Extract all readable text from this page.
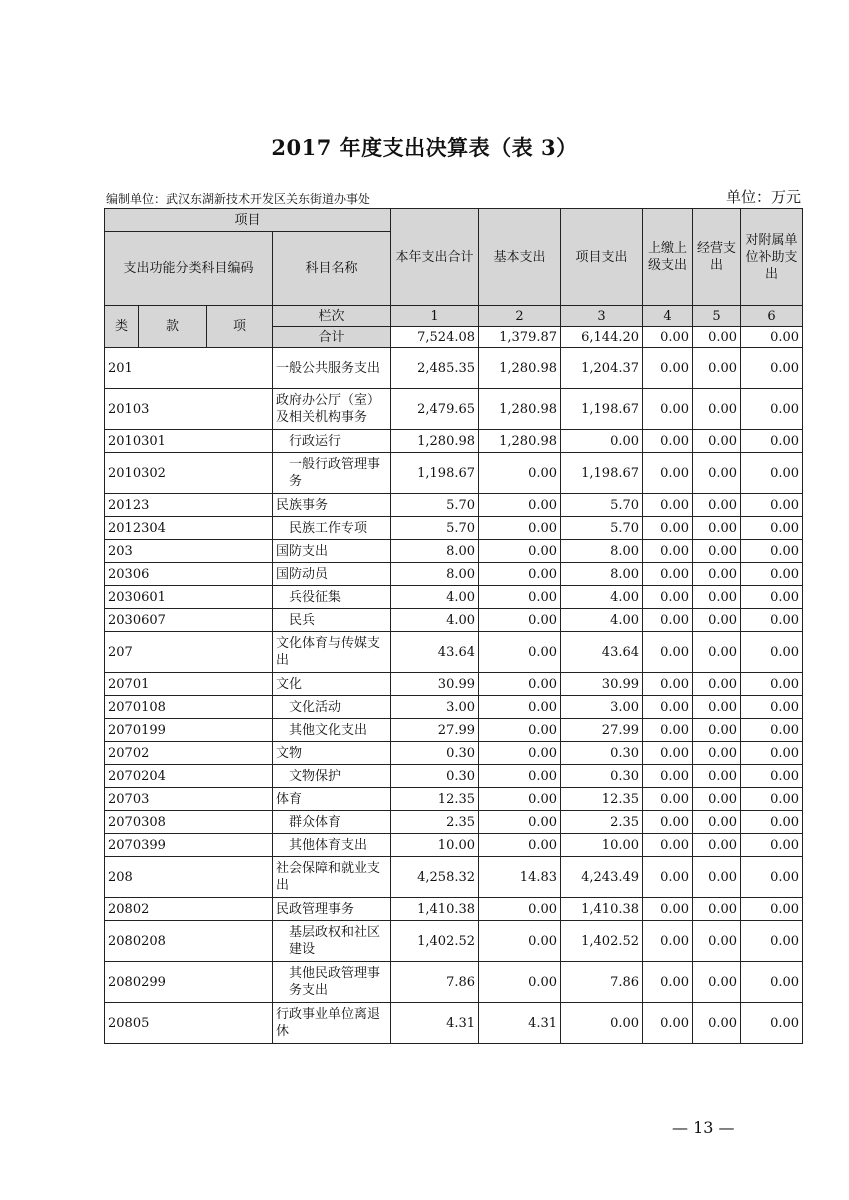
2017 年度支出决算表（表 3）
编制单位：武汉东湖新技术开发区关东街道办事处	单位：万元
项目				本年支出合计	基本支出	项目支出	上缴上级支出	经营支出	对附属单位补助支出
支出功能分类科目编码			科目名称						
类	款	项	栏次	1	2	3	4	5	6
			合计	7,524.08	1,379.87	6,144.20	0.00	0.00	0.00
201			一般公共服务支出	2,485.35	1,280.98	1,204.37	0.00	0.00	0.00
20103			政府办公厅（室）及相关机构事务	2,479.65	1,280.98	1,198.67	0.00	0.00	0.00
2010301			行政运行	1,280.98	1,280.98	0.00	0.00	0.00	0.00
2010302			一般行政管理事务	1,198.67	0.00	1,198.67	0.00	0.00	0.00
20123			民族事务	5.70	0.00	5.70	0.00	0.00	0.00
2012304			民族工作专项	5.70	0.00	5.70	0.00	0.00	0.00
203			国防支出	8.00	0.00	8.00	0.00	0.00	0.00
20306			国防动员	8.00	0.00	8.00	0.00	0.00	0.00
2030601			兵役征集	4.00	0.00	4.00	0.00	0.00	0.00
2030607			民兵	4.00	0.00	4.00	0.00	0.00	0.00
207			文化体育与传媒支出	43.64	0.00	43.64	0.00	0.00	0.00
20701			文化	30.99	0.00	30.99	0.00	0.00	0.00
2070108			文化活动	3.00	0.00	3.00	0.00	0.00	0.00
2070199			其他文化支出	27.99	0.00	27.99	0.00	0.00	0.00
20702			文物	0.30	0.00	0.30	0.00	0.00	0.00
2070204			文物保护	0.30	0.00	0.30	0.00	0.00	0.00
20703			体育	12.35	0.00	12.35	0.00	0.00	0.00
2070308			群众体育	2.35	0.00	2.35	0.00	0.00	0.00
2070399			其他体育支出	10.00	0.00	10.00	0.00	0.00	0.00
208			社会保障和就业支出	4,258.32	14.83	4,243.49	0.00	0.00	0.00
20802			民政管理事务	1,410.38	0.00	1,410.38	0.00	0.00	0.00
2080208			基层政权和社区建设	1,402.52	0.00	1,402.52	0.00	0.00	0.00
2080299			其他民政管理事务支出	7.86	0.00	7.86	0.00	0.00	0.00
20805			行政事业单位离退休	4.31	4.31	0.00	0.00	0.00	0.00
— 13 —
